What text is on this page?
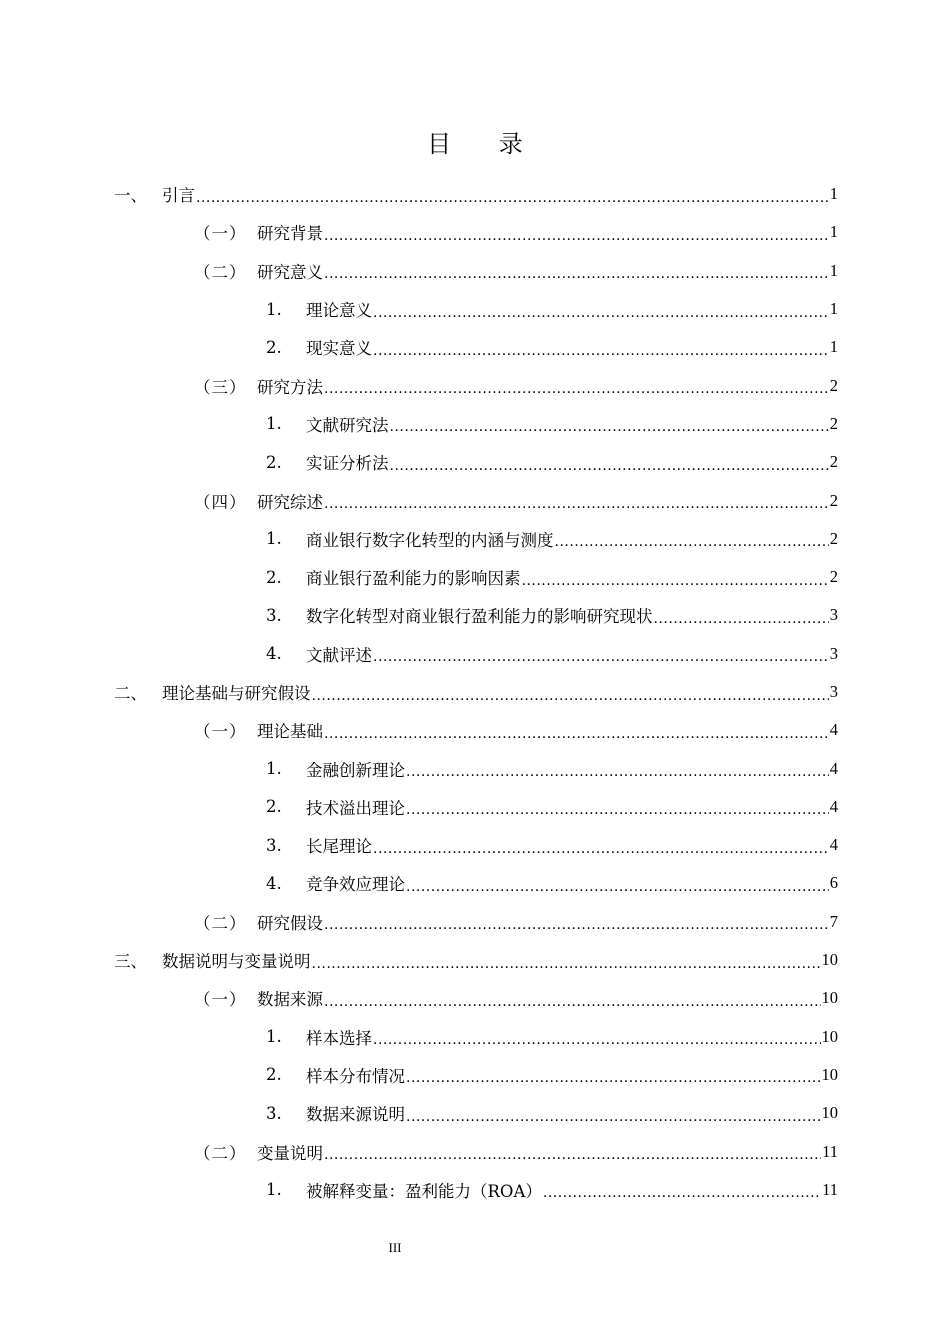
目 录
一、 引言 .....	1
（一） 研究背景 .....	1
（二） 研究意义 .....	1
1.	理论意义 .....	1
2.	现实意义 .....	1
（三） 研究方法 .....	2
1.	文献研究法 .....	2
2.	实证分析法 .....	2
（四） 研究综述 .....	2
1.	商业银行数字化转型的内涵与测度 .....	2
2.	商业银行盈利能力的影响因素 .....	2
3.	数字化转型对商业银行盈利能力的影响研究现状 .....	3
4.	文献评述 .....	3
二、 理论基础与研究假设 .....	3
（一） 理论基础 .....	4
1.	金融创新理论 .....	4
2.	技术溢出理论 .....	4
3.	长尾理论 .....	4
4.	竞争效应理论 .....	6
（二） 研究假设 .....	7
三、 数据说明与变量说明 .....	10
（一） 数据来源 .....	10
1.	样本选择 .....	10
2.	样本分布情况 .....	10
3.	数据来源说明 .....	10
（二） 变量说明 .....	11
1.	被解释变量：盈利能力（ROA） .....	11
III
